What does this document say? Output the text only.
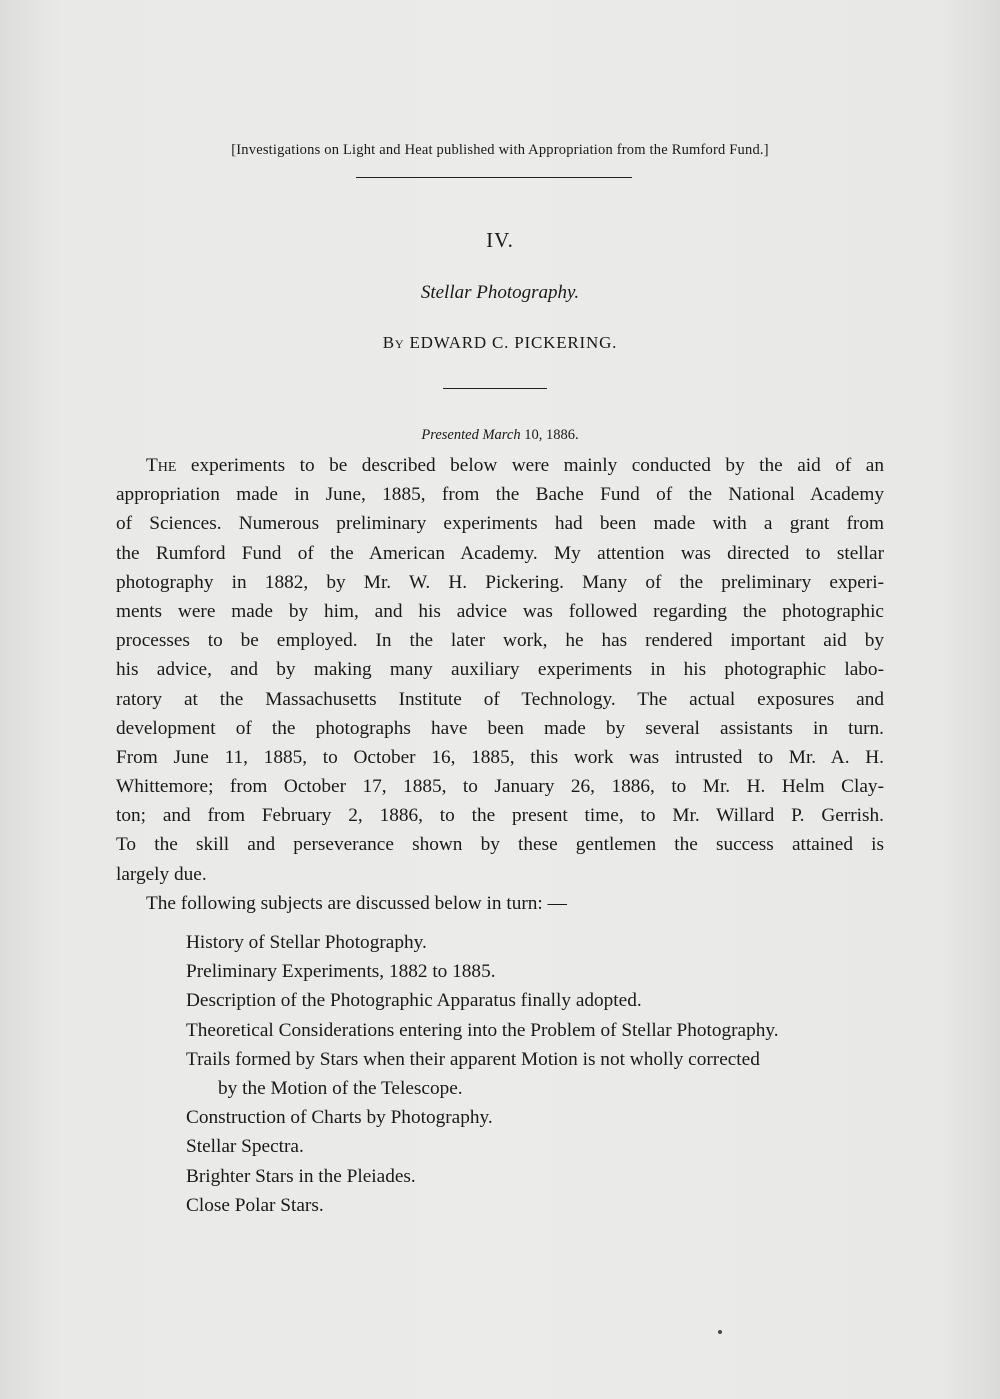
[Investigations on Light and Heat published with Appropriation from the Rumford Fund.]
IV.
Stellar Photography.
By EDWARD C. PICKERING.
Presented March 10, 1886.
The experiments to be described below were mainly conducted by the aid of an
appropriation made in June, 1885, from the Bache Fund of the National Academy
of Sciences. Numerous preliminary experiments had been made with a grant from
the Rumford Fund of the American Academy. My attention was directed to stellar
photography in 1882, by Mr. W. H. Pickering. Many of the preliminary experi-
ments were made by him, and his advice was followed regarding the photographic
processes to be employed. In the later work, he has rendered important aid by
his advice, and by making many auxiliary experiments in his photographic labo-
ratory at the Massachusetts Institute of Technology. The actual exposures and
development of the photographs have been made by several assistants in turn.
From June 11, 1885, to October 16, 1885, this work was intrusted to Mr. A. H.
Whittemore; from October 17, 1885, to January 26, 1886, to Mr. H. Helm Clay-
ton; and from February 2, 1886, to the present time, to Mr. Willard P. Gerrish.
To the skill and perseverance shown by these gentlemen the success attained is
largely due.
The following subjects are discussed below in turn: —
History of Stellar Photography.
Preliminary Experiments, 1882 to 1885.
Description of the Photographic Apparatus finally adopted.
Theoretical Considerations entering into the Problem of Stellar Photography.
Trails formed by Stars when their apparent Motion is not wholly corrected
by the Motion of the Telescope.
Construction of Charts by Photography.
Stellar Spectra.
Brighter Stars in the Pleiades.
Close Polar Stars.
